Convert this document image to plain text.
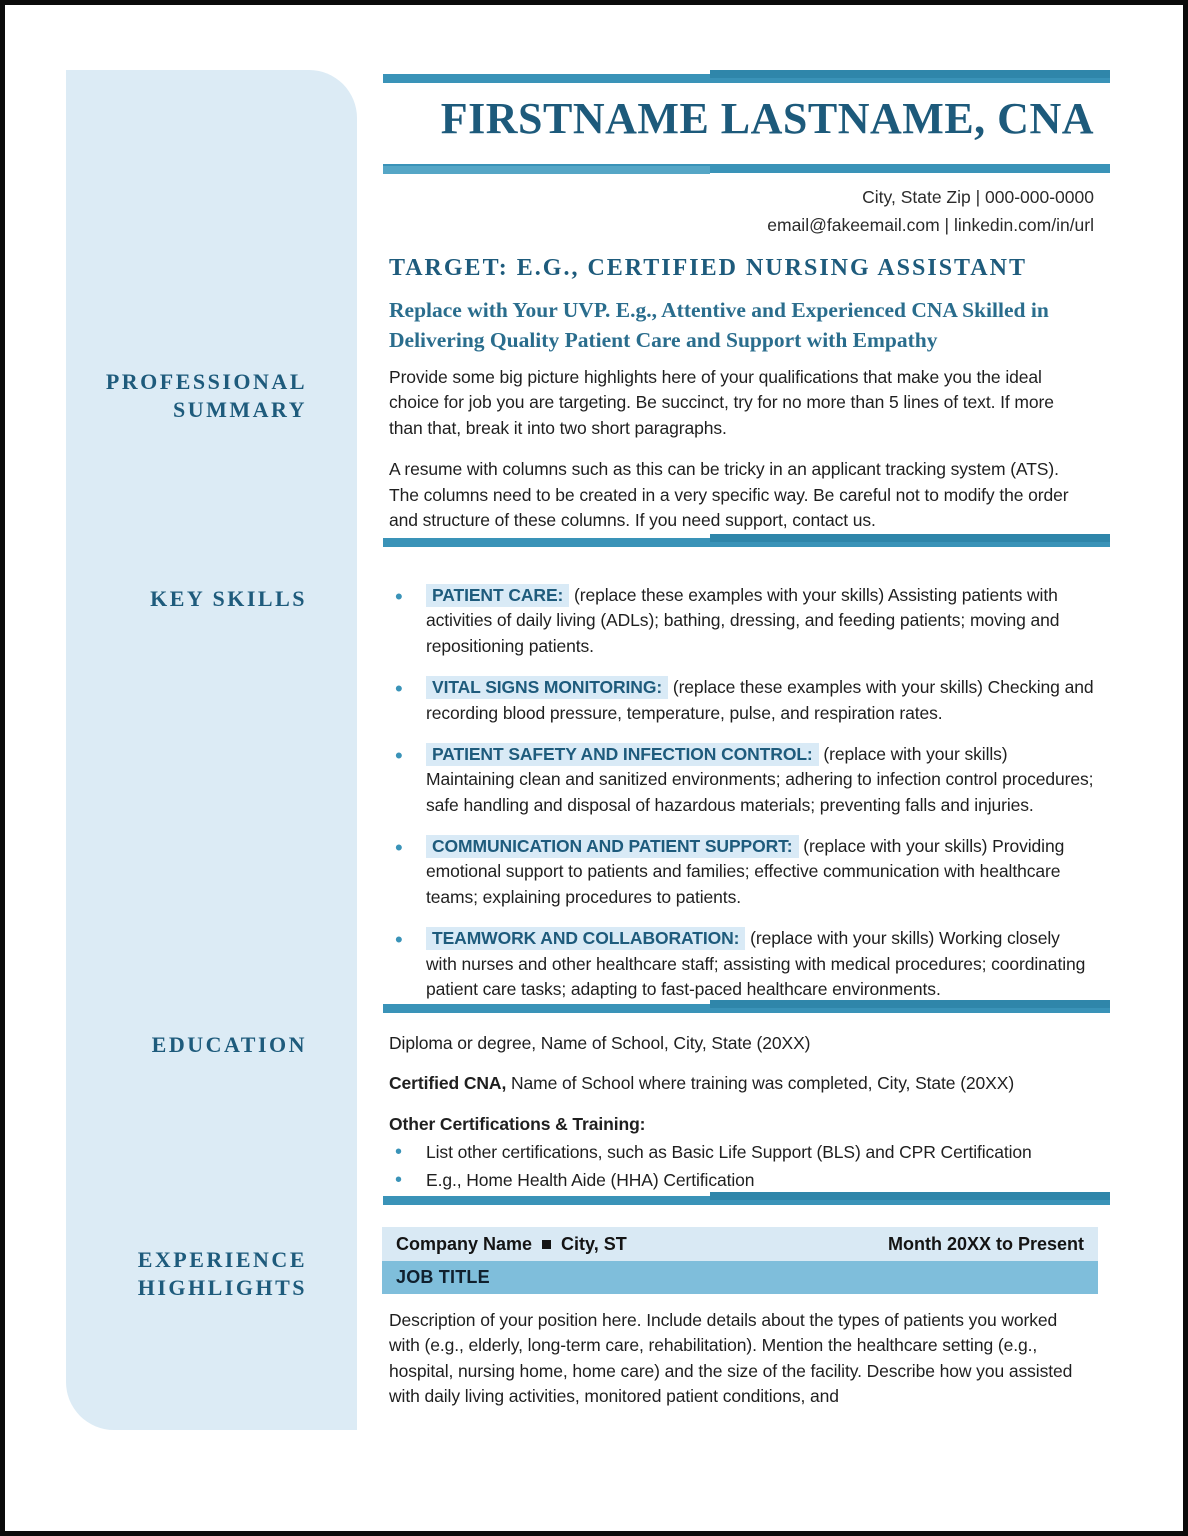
PROFESSIONAL SUMMARY
KEY SKILLS
EDUCATION
EXPERIENCE HIGHLIGHTS
FIRSTNAME LASTNAME, CNA
City, State Zip | 000-000-0000
email@fakeemail.com | linkedin.com/in/url
TARGET: E.G., CERTIFIED NURSING ASSISTANT
Replace with Your UVP. E.g., Attentive and Experienced CNA Skilled in Delivering Quality Patient Care and Support with Empathy

Provide some big picture highlights here of your qualifications that make you the ideal choice for job you are targeting. Be succinct, try for no more than 5 lines of text. If more than that, break it into two short paragraphs.

A resume with columns such as this can be tricky in an applicant tracking system (ATS). The columns need to be created in a very specific way. Be careful not to modify the order and structure of these columns. If you need support, contact us.

• PATIENT CARE: (replace these examples with your skills) Assisting patients with activities of daily living (ADLs); bathing, dressing, and feeding patients; moving and repositioning patients.
• VITAL SIGNS MONITORING: (replace these examples with your skills) Checking and recording blood pressure, temperature, pulse, and respiration rates.
• PATIENT SAFETY AND INFECTION CONTROL: (replace with your skills) Maintaining clean and sanitized environments; adhering to infection control procedures; safe handling and disposal of hazardous materials; preventing falls and injuries.
• COMMUNICATION AND PATIENT SUPPORT: (replace with your skills) Providing emotional support to patients and families; effective communication with healthcare teams; explaining procedures to patients.
• TEAMWORK AND COLLABORATION: (replace with your skills) Working closely with nurses and other healthcare staff; assisting with medical procedures; coordinating patient care tasks; adapting to fast-paced healthcare environments.

Diploma or degree, Name of School, City, State (20XX)

Certified CNA, Name of School where training was completed, City, State (20XX)

Other Certifications & Training:

• List other certifications, such as Basic Life Support (BLS) and CPR Certification
• E.g., Home Health Aide (HHA) Certification
Company Name City, ST	Month 20XX to Present
JOB TITLE

Description of your position here. Include details about the types of patients you worked with (e.g., elderly, long-term care, rehabilitation). Mention the healthcare setting (e.g., hospital, nursing home, home care) and the size of the facility. Describe how you assisted with daily living activities, monitored patient conditions, and
